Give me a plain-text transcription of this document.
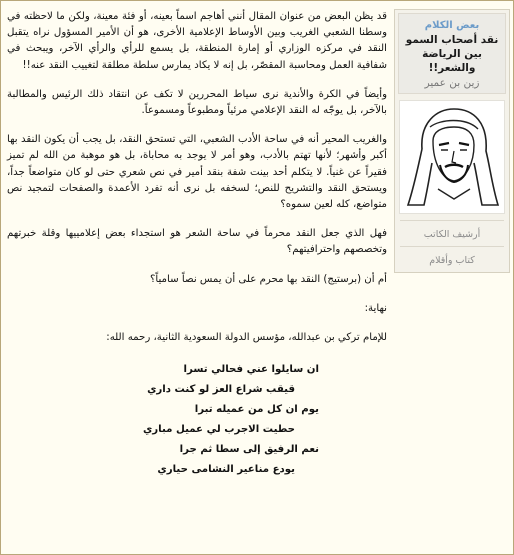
قد يظن البعض من عنوان المقال أنني أهاجم اسماً بعينه، أو فئة معينة، ولكن ما لاحظته في وسطنا الشعبي الغريب وبين الأوساط الإعلامية الأخرى، هو أن الأمير المسؤول نراه يتقبل النقد في مركزه الوزاري أو إمارة المنطقة، بل يسمع للرأي والرأي الآخر، ويبحث في شفافية العمل ومحاسبة المقصّر، بل إنه لا يكاد يمارس سلطة مطلقة لتغييب النقد عنه!!

وأيضاً في الكرة والأندية نرى سياط المحررين لا تكف عن انتقاد ذلك الرئيس والمطالبة بالآخر، بل يوجّه له النقد الإعلامي مرئياً ومطبوعاً ومسموعاً.

والغريب المحير أنه في ساحة الأدب الشعبي، التي تستحق النقد، بل يجب أن يكون النقد بها أكبر وأشهر؛ لأنها تهتم بالأدب، وهو أمر لا يوجد به محاباة، بل هو موهبة من الله لم تميز فقيراً عن غنياً. لا يتكلم أحد بينت شفة بنقد أمير في نص شعري حتى لو كان متواضعاً جداً، ويستحق النقد والتشريح للنص؛ لسخفه بل نرى أنه تفرد الأعمدة والصفحات لتمجيد نص متواضع، كله لعين سموه؟

فهل الذي جعل النقد محرماً في ساحة الشعر هو استجداء بعض إعلامييها وقلة خبرتهم وتخصصهم واحترافيتهم؟

أم أن (برستيج) النقد بها محرم على أن يمس نصاً سامياً؟

نهاية:

للإمام تركي بن عبدالله، مؤسس الدولة السعودية الثانية، رحمه الله:

ان سايلوا عني فحالي تسرا
قيقب شراع العز لو كنت داري
يوم ان كل من عميله تبرا
حطيت الاجرب لي عميل مباري
نعم الرفيق إلى سطا ثم جرا
يودع مناعير النشامى حياري
بعض الكلام
نقد أصحاب السمو بين الرياضة والشعر!!
زين بن عمير
أرشيف الكاتب
كتاب وأقلام
